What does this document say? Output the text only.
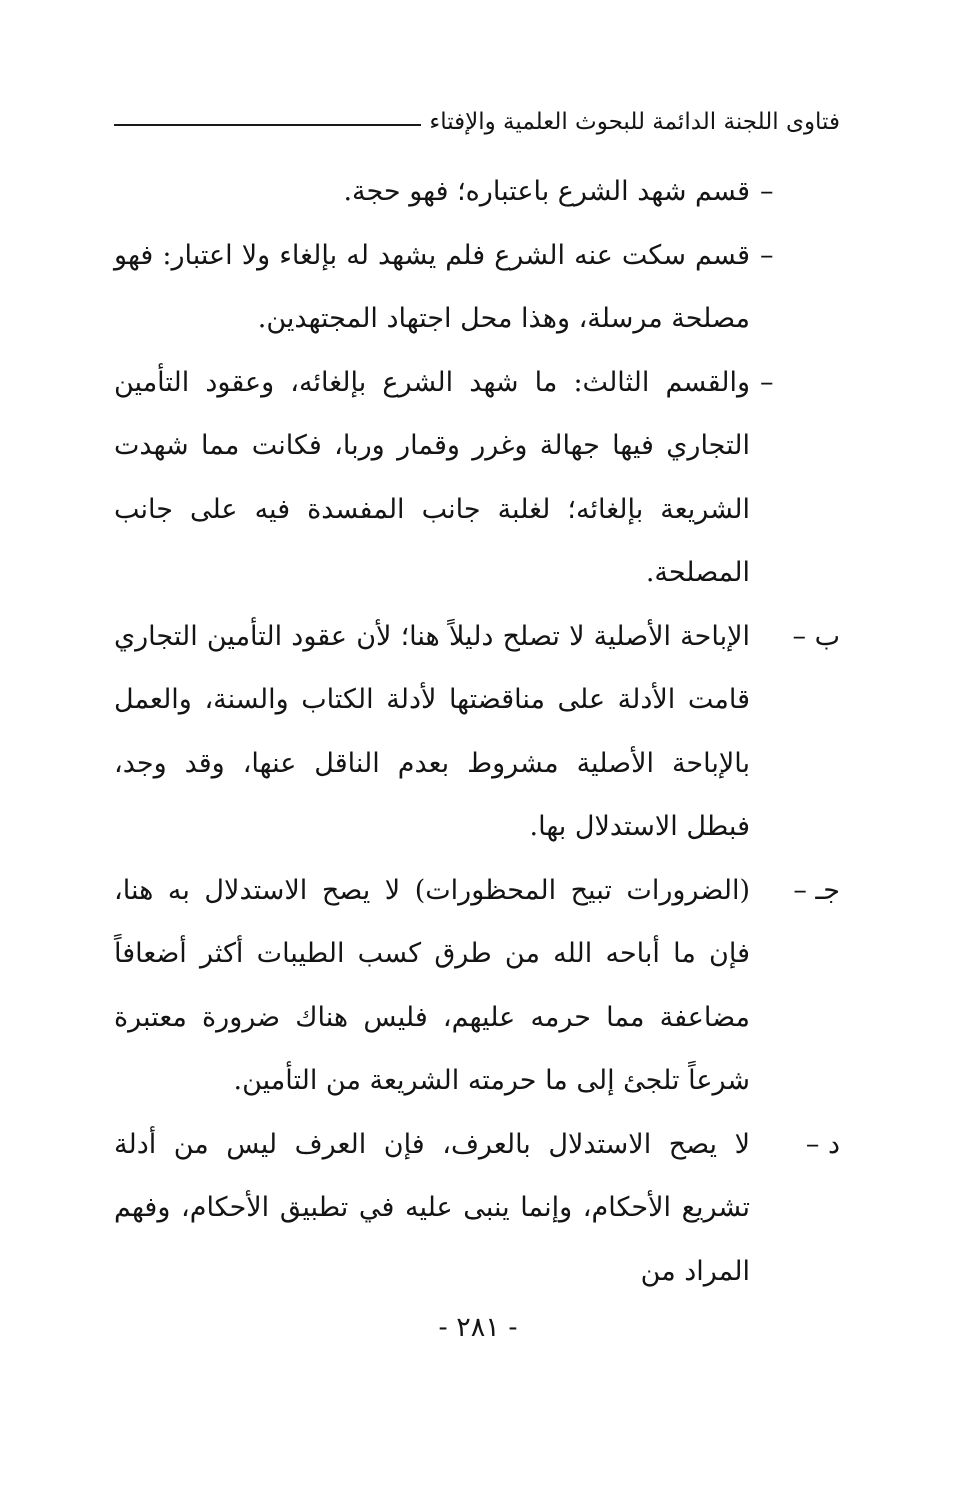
فتاوى اللجنة الدائمة للبحوث العلمية والإفتاء
–
قسم شهد الشرع باعتباره؛ فهو حجة.
–
قسم سكت عنه الشرع فلم يشهد له بإلغاء ولا اعتبار: فهو مصلحة مرسلة، وهذا محل اجتهاد المجتهدين.
–
والقسم الثالث: ما شهد الشرع بإلغائه، وعقود التأمين التجاري فيها جهالة وغرر وقمار وربا، فكانت مما شهدت الشريعة بإلغائه؛ لغلبة جانب المفسدة فيه على جانب المصلحة.
ب –
الإباحة الأصلية لا تصلح دليلاً هنا؛ لأن عقود التأمين التجاري قامت الأدلة على مناقضتها لأدلة الكتاب والسنة، والعمل بالإباحة الأصلية مشروط بعدم الناقل عنها، وقد وجد، فبطل الاستدلال بها.
جـ –
(الضرورات تبيح المحظورات) لا يصح الاستدلال به هنا، فإن ما أباحه الله من طرق كسب الطيبات أكثر أضعافاً مضاعفة مما حرمه عليهم، فليس هناك ضرورة معتبرة شرعاً تلجئ إلى ما حرمته الشريعة من التأمين.
د –
لا يصح الاستدلال بالعرف، فإن العرف ليس من أدلة تشريع الأحكام، وإنما ينبى عليه في تطبيق الأحكام، وفهم المراد من
- ٢٨١ -
